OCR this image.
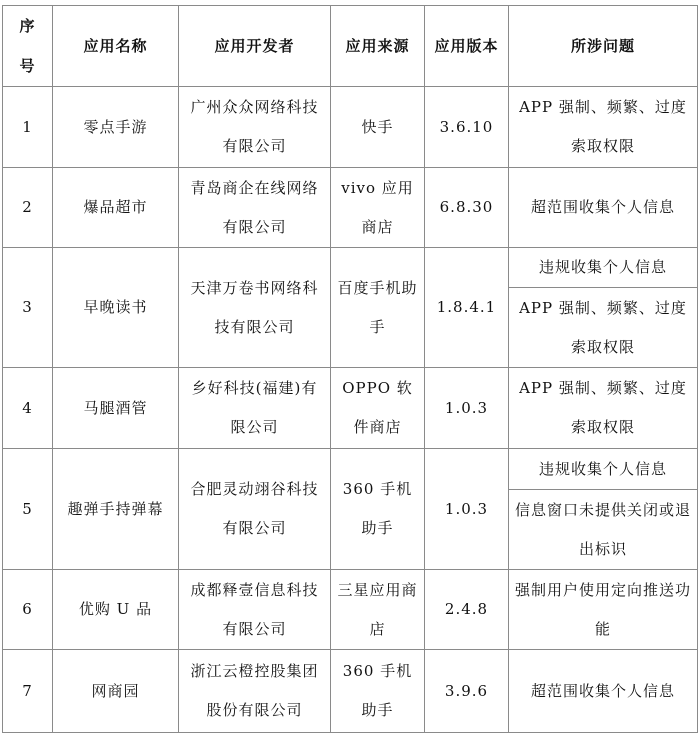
序号	应用名称	应用开发者	应用来源	应用版本	所涉问题
1	零点手游	广州众众网络科技有限公司	快手	3.6.10	APP 强制、频繁、过度索取权限
2	爆品超市	青岛商企在线网络有限公司	vivo 应用商店	6.8.30	超范围收集个人信息
3	早晚读书	天津万卷书网络科技有限公司	百度手机助手	1.8.4.1	违规收集个人信息
					APP 强制、频繁、过度索取权限
4	马腿酒管	乡好科技(福建)有限公司	OPPO 软件商店	1.0.3	APP 强制、频繁、过度索取权限
5	趣弹手持弹幕	合肥灵动翊谷科技有限公司	360 手机助手	1.0.3	违规收集个人信息
					信息窗口未提供关闭或退出标识
6	优购 U 品	成都释壹信息科技有限公司	三星应用商店	2.4.8	强制用户使用定向推送功能
7	网商园	浙江云橙控股集团股份有限公司	360 手机助手	3.9.6	超范围收集个人信息
